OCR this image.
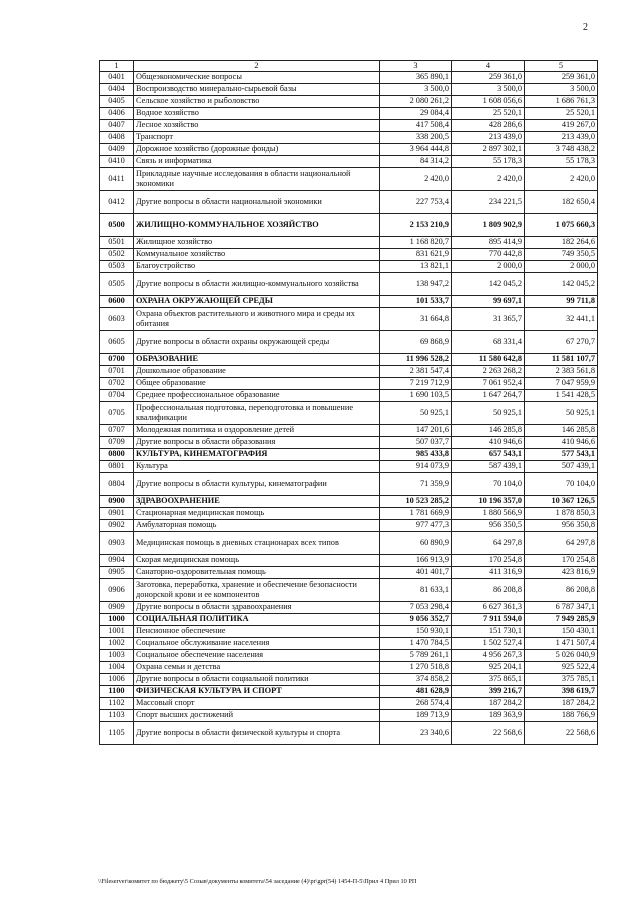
2
1	2	3	4	5
0401	Общеэкономические вопросы	365 890,1	259 361,0	259 361,0
0404	Воспроизводство минерально-сырьевой базы	3 500,0	3 500,0	3 500,0
0405	Сельское хозяйство и рыболовство	2 080 261,2	1 608 056,6	1 686 761,3
0406	Водное хозяйство	29 084,4	25 520,1	25 520,1
0407	Лесное хозяйство	417 508,4	428 286,6	419 267,0
0408	Транспорт	338 200,5	213 439,0	213 439,0
0409	Дорожное хозяйство (дорожные фонды)	3 964 444,8	2 897 302,1	3 748 438,2
0410	Связь и информатика	84 314,2	55 178,3	55 178,3
0411	Прикладные научные исследования в области национальной экономики	2 420,0	2 420,0	2 420,0
0412	Другие вопросы в области национальной экономики	227 753,4	234 221,5	182 650,4
0500	ЖИЛИЩНО-КОММУНАЛЬНОЕ ХОЗЯЙСТВО	2 153 210,9	1 809 902,9	1 075 660,3
0501	Жилищное хозяйство	1 168 820,7	895 414,9	182 264,6
0502	Коммунальное хозяйство	831 621,9	770 442,8	749 350,5
0503	Благоустройство	13 821,1	2 000,0	2 000,0
0505	Другие вопросы в области жилищно-коммунального хозяйства	138 947,2	142 045,2	142 045,2
0600	ОХРАНА ОКРУЖАЮЩЕЙ СРЕДЫ	101 533,7	99 697,1	99 711,8
0603	Охрана объектов растительного и животного мира и среды их обитания	31 664,8	31 365,7	32 441,1
0605	Другие вопросы в области охраны окружающей среды	69 868,9	68 331,4	67 270,7
0700	ОБРАЗОВАНИЕ	11 996 528,2	11 580 642,8	11 581 107,7
0701	Дошкольное образование	2 381 547,4	2 263 268,2	2 383 561,8
0702	Общее образование	7 219 712,9	7 061 952,4	7 047 959,9
0704	Среднее профессиональное образование	1 690 103,5	1 647 264,7	1 541 428,5
0705	Профессиональная подготовка, переподготовка и повышение квалификации	50 925,1	50 925,1	50 925,1
0707	Молодежная политика и оздоровление детей	147 201,6	146 285,8	146 285,8
0709	Другие вопросы в области образования	507 037,7	410 946,6	410 946,6
0800	КУЛЬТУРА, КИНЕМАТОГРАФИЯ	985 433,8	657 543,1	577 543,1
0801	Культура	914 073,9	587 439,1	507 439,1
0804	Другие вопросы в области культуры, кинематографии	71 359,9	70 104,0	70 104,0
0900	ЗДРАВООХРАНЕНИЕ	10 523 285,2	10 196 357,0	10 367 126,5
0901	Стационарная медицинская помощь	1 781 669,9	1 880 566,9	1 878 850,3
0902	Амбулаторная помощь	977 477,3	956 350,5	956 350,8
0903	Медицинская помощь в дневных стационарах всех типов	60 890,9	64 297,8	64 297,8
0904	Скорая медицинская помощь	166 913,9	170 254,8	170 254,8
0905	Санаторно-оздоровительная помощь	401 401,7	411 316,9	423 816,9
0906	Заготовка, переработка, хранение и обеспечение безопасности донорской крови и ее компонентов	81 633,1	86 208,8	86 208,8
0909	Другие вопросы в области здравоохранения	7 053 298,4	6 627 361,3	6 787 347,1
1000	СОЦИАЛЬНАЯ ПОЛИТИКА	9 056 352,7	7 911 594,0	7 949 285,9
1001	Пенсионное обеспечение	150 930,1	151 730,1	150 430,1
1002	Социальное обслуживание населения	1 470 784,5	1 502 527,4	1 471 507,4
1003	Социальное обеспечение населения	5 789 261,1	4 956 267,3	5 026 040,9
1004	Охрана семьи и детства	1 270 518,8	925 204,1	925 522,4
1006	Другие вопросы в области социальной политики	374 858,2	375 865,1	375 785,1
1100	ФИЗИЧЕСКАЯ КУЛЬТУРА И СПОРТ	481 628,9	399 216,7	398 619,7
1102	Массовый спорт	268 574,4	187 284,2	187 284,2
1103	Спорт высших достижений	189 713,9	189 363,9	188 766,9
1105	Другие вопросы в области физической культуры и спорта	23 340,6	22 568,6	22 568,6
\\Fileserver\комитет по бюджету\5 Созыв\документы комитета\54 заседание (4)\pr\gpr(54) 1454-П-5\Прил 4 Прил 10 РП
